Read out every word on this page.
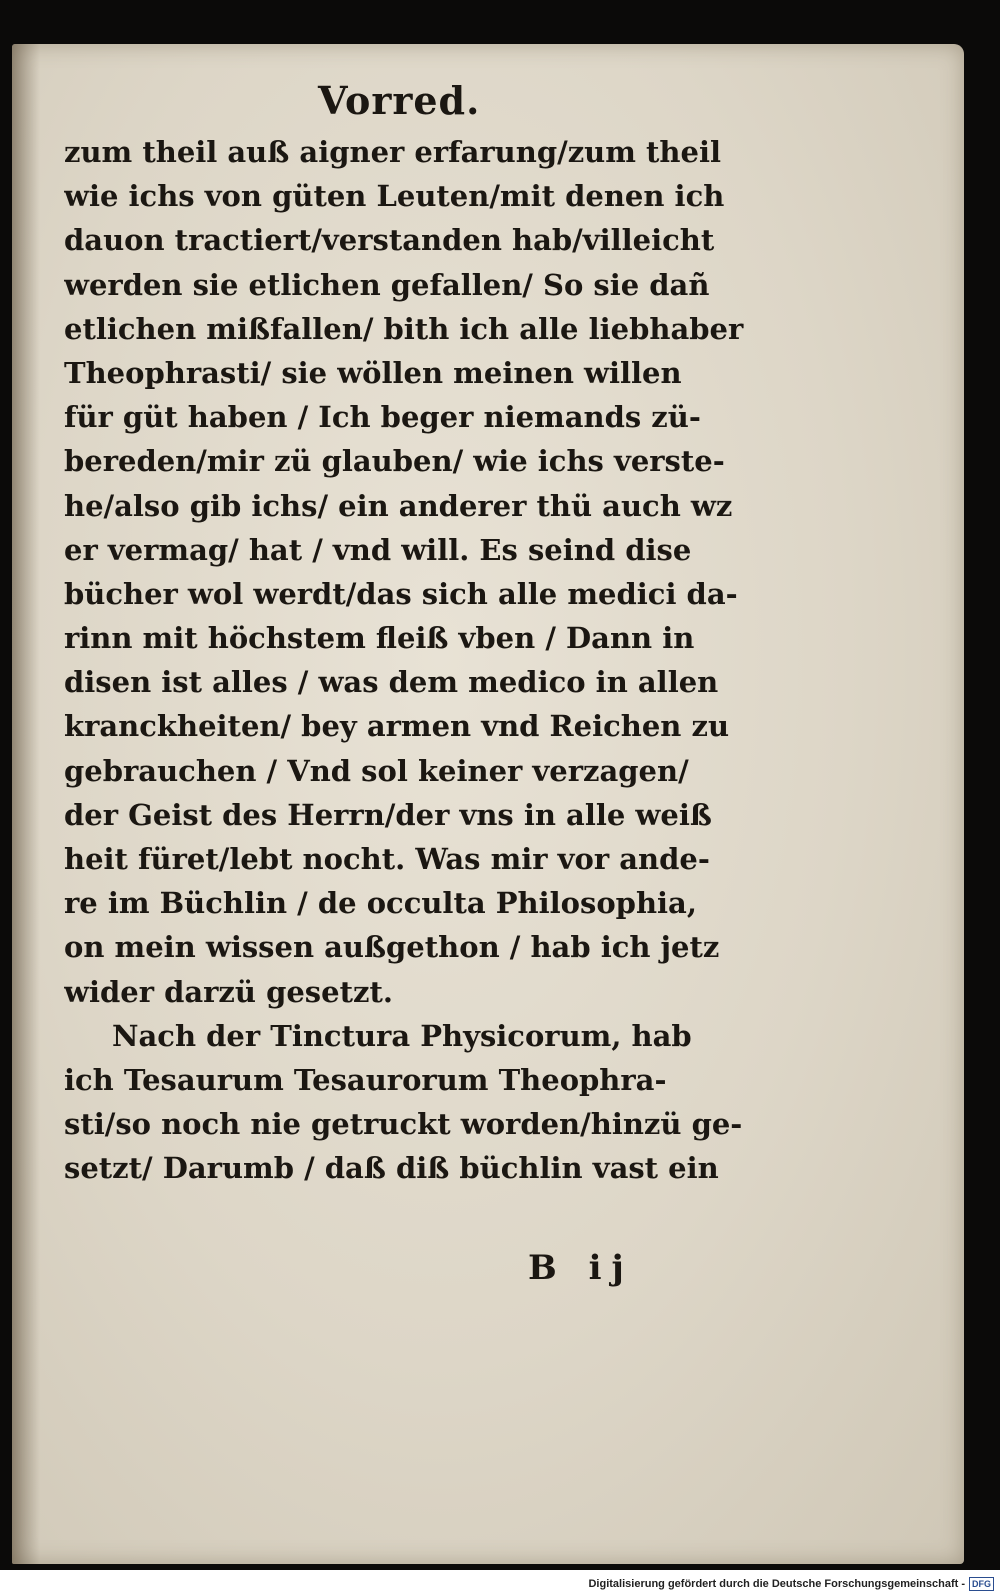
Vorred.
zum theil auß aigner erfarung/zum theil
wie ichs von güten Leuten/mit denen ich
dauon tractiert/verstanden hab/villeicht
werden sie etlichen gefallen/ So sie dañ
etlichen mißfallen/ bith ich alle liebhaber
Theophrasti/ sie wöllen meinen willen
für güt haben / Ich beger niemands zü-
bereden/mir zü glauben/ wie ichs verste-
he/also gib ichs/ ein anderer thü auch wz
er vermag/ hat / vnd will. Es seind dise
bücher wol werdt/das sich alle medici da-
rinn mit höchstem fleiß vben / Dann in
disen ist alles / was dem medico in allen
kranckheiten/ bey armen vnd Reichen zu
gebrauchen / Vnd sol keiner verzagen/
der Geist des Herrn/der vns in alle weiß
heit füret/lebt nocht. Was mir vor ande-
re im Büchlin / de occulta Philosophia,
on mein wissen außgethon / hab ich jetz
wider darzü gesetzt.
Nach der Tinctura Physicorum, hab
ich Tesaurum Tesaurorum Theophra-
sti/so noch nie getruckt worden/hinzü ge-
setzt/ Darumb / daß diß büchlin vast ein
B ij
Digitalisierung gefördert durch die Deutsche Forschungsgemeinschaft - DFG
